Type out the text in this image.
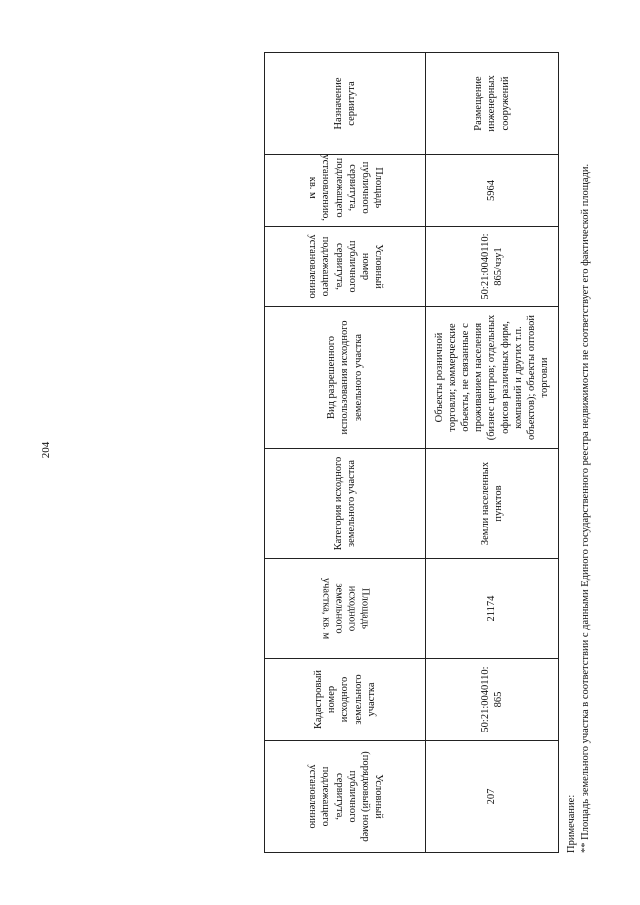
204
Условный (порядковый) номер публичного сервитута, подлежащего установлению	Кадастровый номер исходного земельного участка	Площадь исходного земельного участка, кв. м	Категория исходного земельного участка	Вид разрешенного использования исходного земельного участка	Условный номер публичного сервитута, подлежащего установлению	Площадь публичного сервитута, подлежащего установлению, кв. м	Назначение сервитута
207	50:21:0040110:865	21174	Земли населенных пунктов	Объекты розничной торговли; коммерческие объекты, не связанные с проживанием населения (бизнес центров; отдельных офисов различных фирм, компаний и других т.п. объектов); объекты оптовой торговли	50:21:0040110:865/чзу1	5964	Размещение инженерных сооружений

Примечание: ** Площадь земельного участка в соответствии с данными Единого государственного реестра недвижимости не соответствует его фактической площади.
